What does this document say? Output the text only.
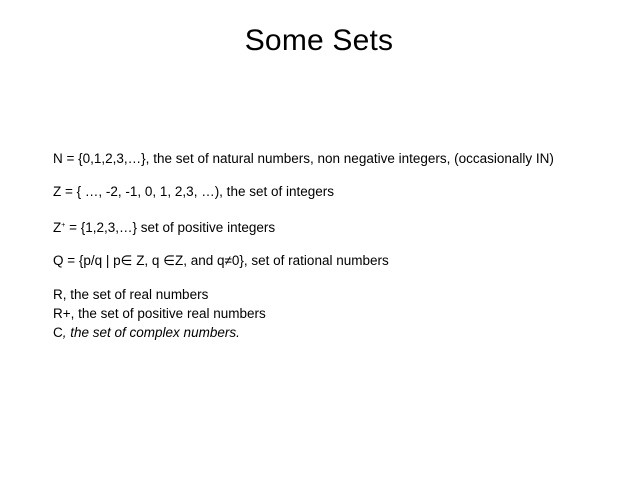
Some Sets
N = {0,1,2,3,…}, the set of natural numbers, non negative integers, (occasionally IN)
Z = { …, -2, -1, 0, 1, 2,3, …), the set of integers
Z+ = {1,2,3,…} set of positive integers
Q = {p/q | p∈ Z, q ∈Z, and q≠0}, set of rational numbers
R, the set of real numbers
R+, the set of positive real numbers
C, the set of complex numbers.
